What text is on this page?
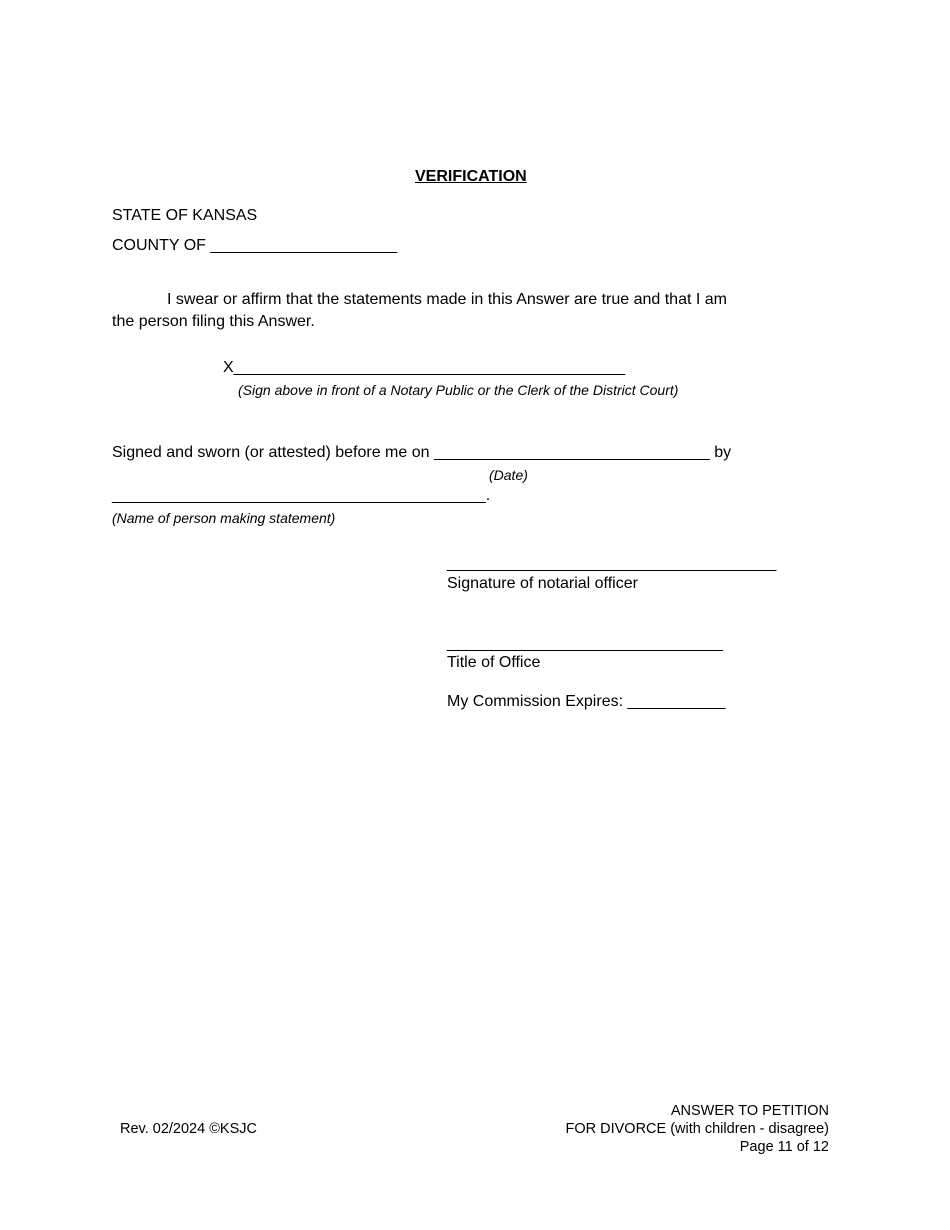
VERIFICATION
STATE OF KANSAS
COUNTY OF _____________________
I swear or affirm that the statements made in this Answer are true and that I am
the person filing this Answer.
X____________________________________________
(Sign above in front of a Notary Public or the Clerk of the District Court)
Signed and sworn (or attested) before me on _______________________________ by
(Date)
__________________________________________.
(Name of person making statement)
_____________________________________
Signature of notarial officer
_______________________________
Title of Office
My Commission Expires: ___________
Rev. 02/2024 ©KSJC
ANSWER TO PETITION
FOR DIVORCE (with children - disagree)
Page 11 of 12
